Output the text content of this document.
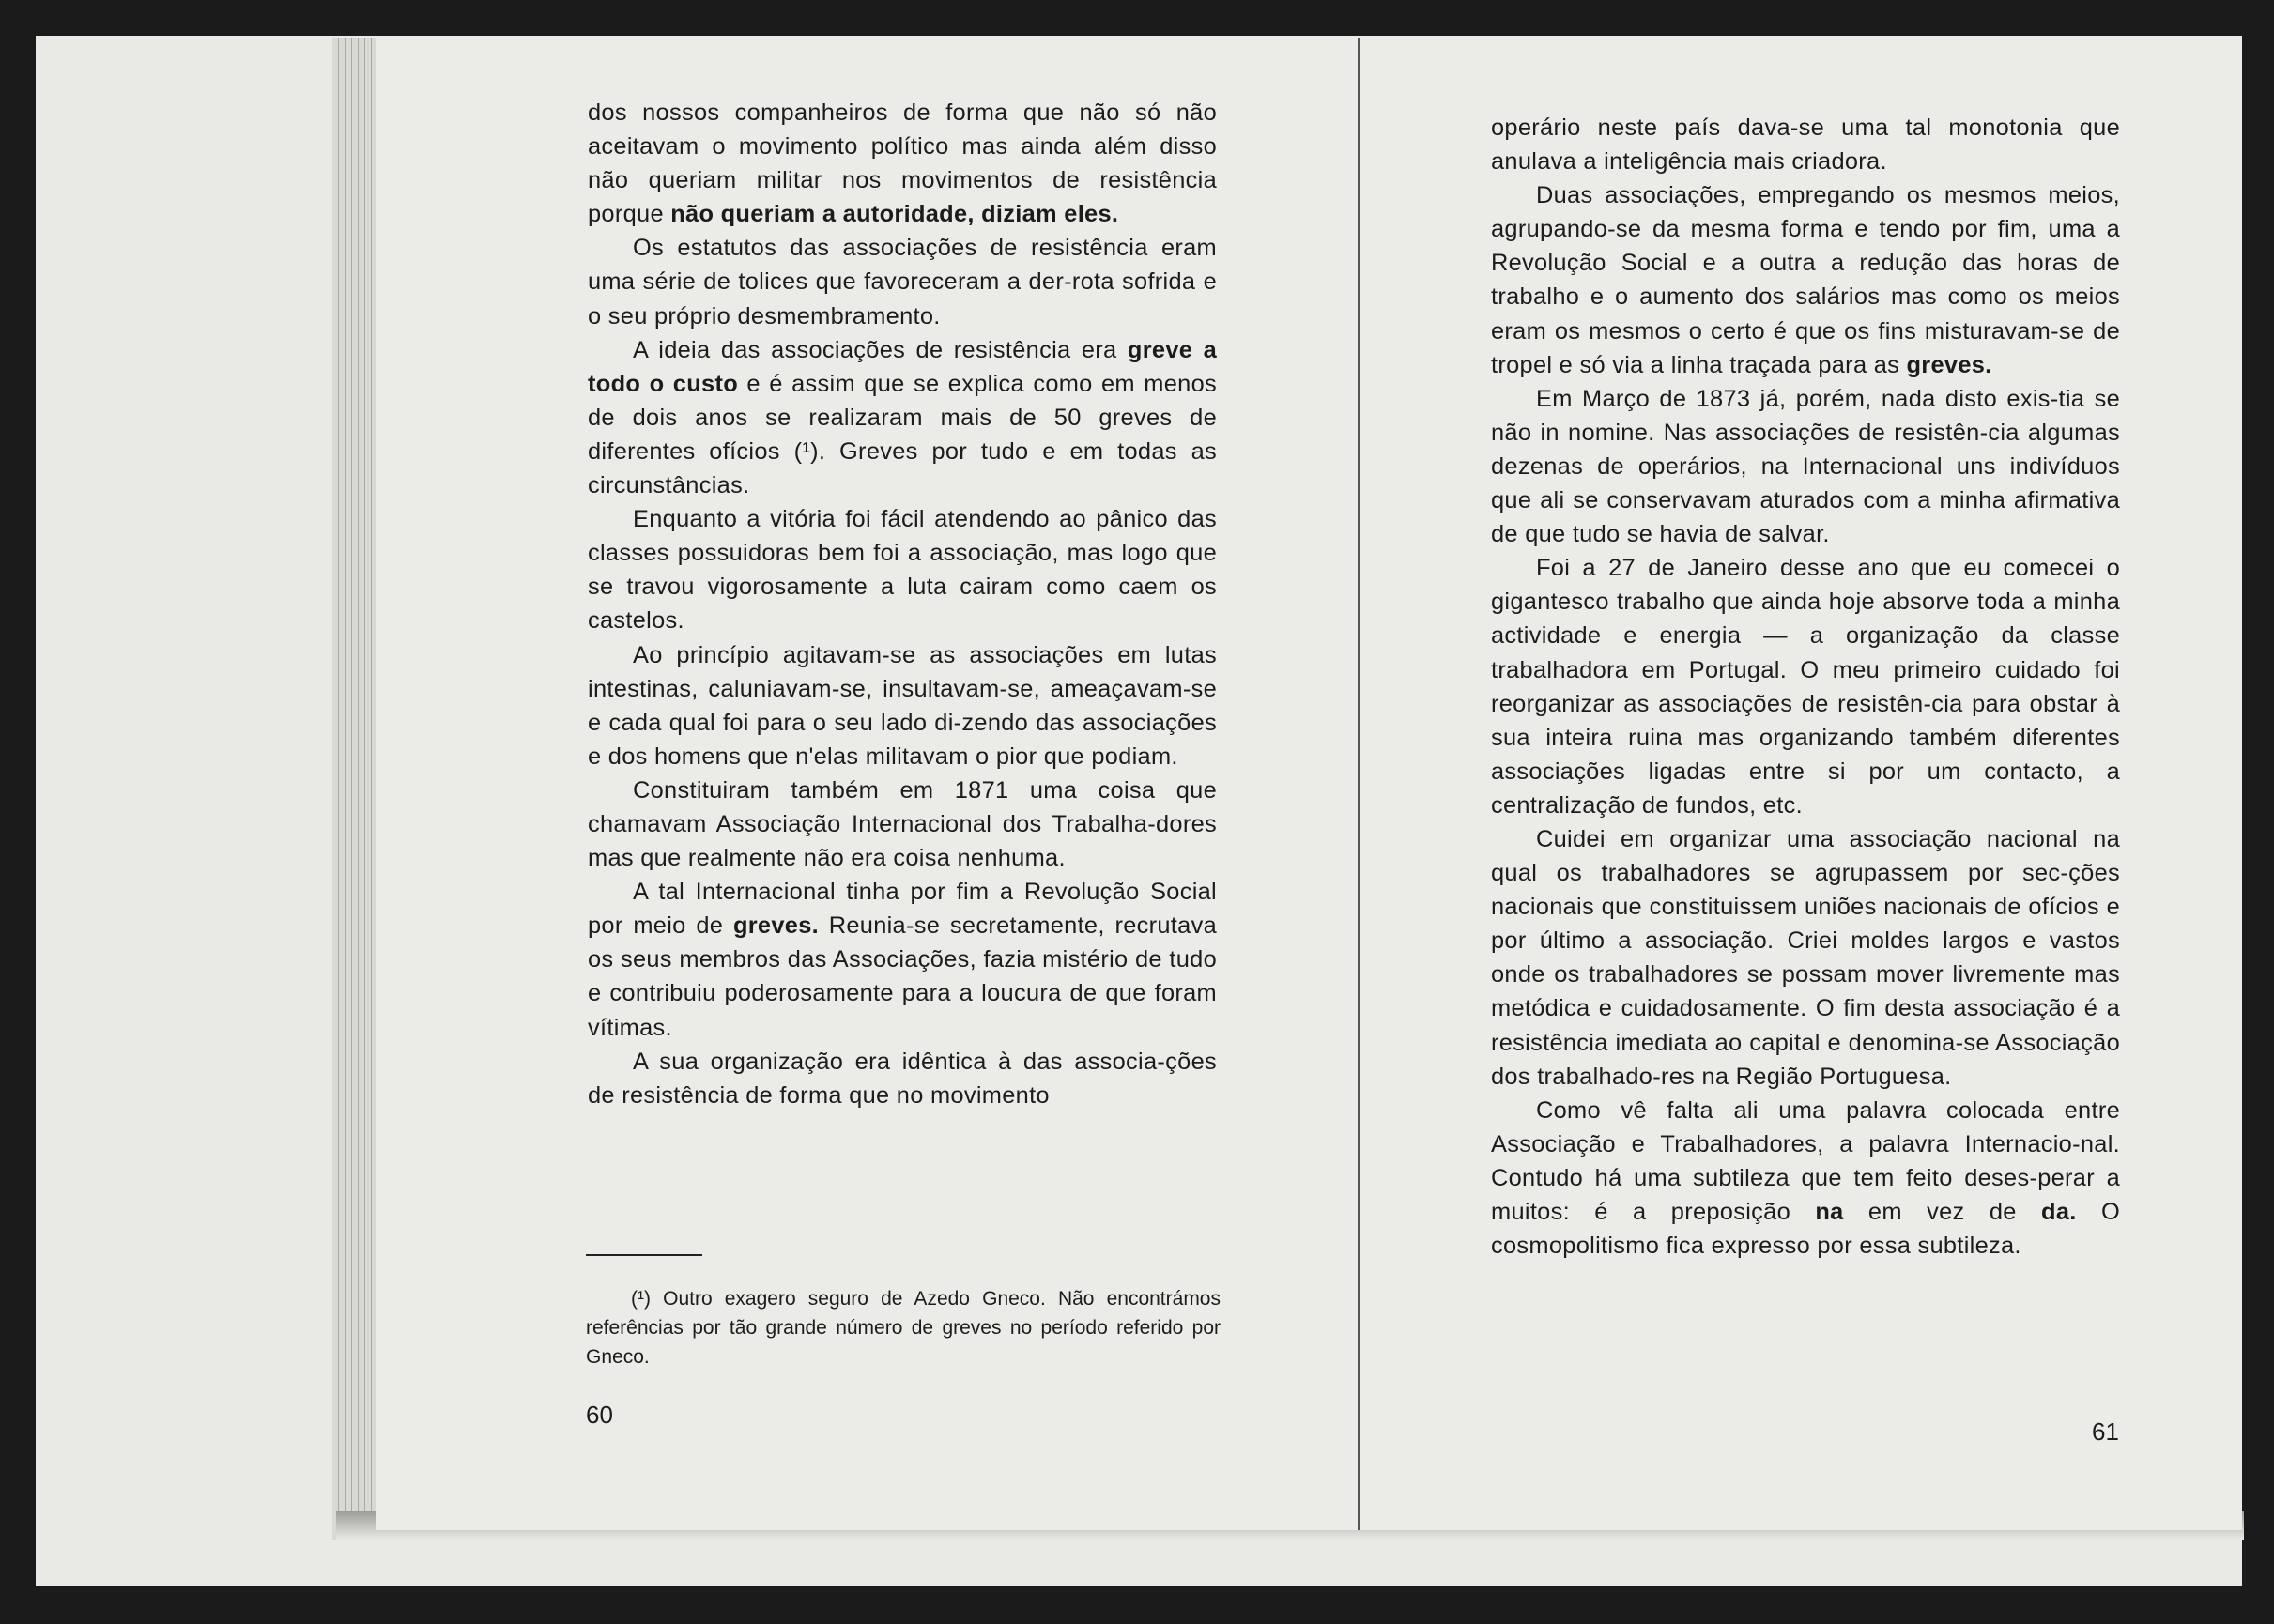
dos nossos companheiros de forma que não só não aceitavam o movimento político mas ainda além disso não queriam militar nos movimentos de resistência porque não queriam a autoridade, diziam eles.

Os estatutos das associações de resistência eram uma série de tolices que favoreceram a der-rota sofrida e o seu próprio desmembramento.

A ideia das associações de resistência era greve a todo o custo e é assim que se explica como em menos de dois anos se realizaram mais de 50 greves de diferentes ofícios (¹). Greves por tudo e em todas as circunstâncias.

Enquanto a vitória foi fácil atendendo ao pânico das classes possuidoras bem foi a associação, mas logo que se travou vigorosamente a luta cairam como caem os castelos.

Ao princípio agitavam-se as associações em lutas intestinas, caluniavam-se, insultavam-se, ameaçavam-se e cada qual foi para o seu lado di-zendo das associações e dos homens que n'elas militavam o pior que podiam.

Constituiram também em 1871 uma coisa que chamavam Associação Internacional dos Trabalha-dores mas que realmente não era coisa nenhuma.

A tal Internacional tinha por fim a Revolução Social por meio de greves. Reunia-se secretamente, recrutava os seus membros das Associações, fazia mistério de tudo e contribuiu poderosamente para a loucura de que foram vítimas.

A sua organização era idêntica à das associa-ções de resistência de forma que no movimento

(¹) Outro exagero seguro de Azedo Gneco. Não encontrámos referências por tão grande número de greves no período referido por Gneco.
60

operário neste país dava-se uma tal monotonia que anulava a inteligência mais criadora.

Duas associações, empregando os mesmos meios, agrupando-se da mesma forma e tendo por fim, uma a Revolução Social e a outra a redução das horas de trabalho e o aumento dos salários mas como os meios eram os mesmos o certo é que os fins misturavam-se de tropel e só via a linha traçada para as greves.

Em Março de 1873 já, porém, nada disto exis-tia se não in nomine. Nas associações de resistên-cia algumas dezenas de operários, na Internacional uns indivíduos que ali se conservavam aturados com a minha afirmativa de que tudo se havia de salvar.

Foi a 27 de Janeiro desse ano que eu comecei o gigantesco trabalho que ainda hoje absorve toda a minha actividade e energia — a organização da classe trabalhadora em Portugal. O meu primeiro cuidado foi reorganizar as associações de resistên-cia para obstar à sua inteira ruina mas organizando também diferentes associações ligadas entre si por um contacto, a centralização de fundos, etc.

Cuidei em organizar uma associação nacional na qual os trabalhadores se agrupassem por sec-ções nacionais que constituissem uniões nacionais de ofícios e por último a associação. Criei moldes largos e vastos onde os trabalhadores se possam mover livremente mas metódica e cuidadosamente. O fim desta associação é a resistência imediata ao capital e denomina-se Associação dos trabalhado-res na Região Portuguesa.

Como vê falta ali uma palavra colocada entre Associação e Trabalhadores, a palavra Internacio-nal. Contudo há uma subtileza que tem feito deses-perar a muitos: é a preposição na em vez de da. O cosmopolitismo fica expresso por essa subtileza.

61
